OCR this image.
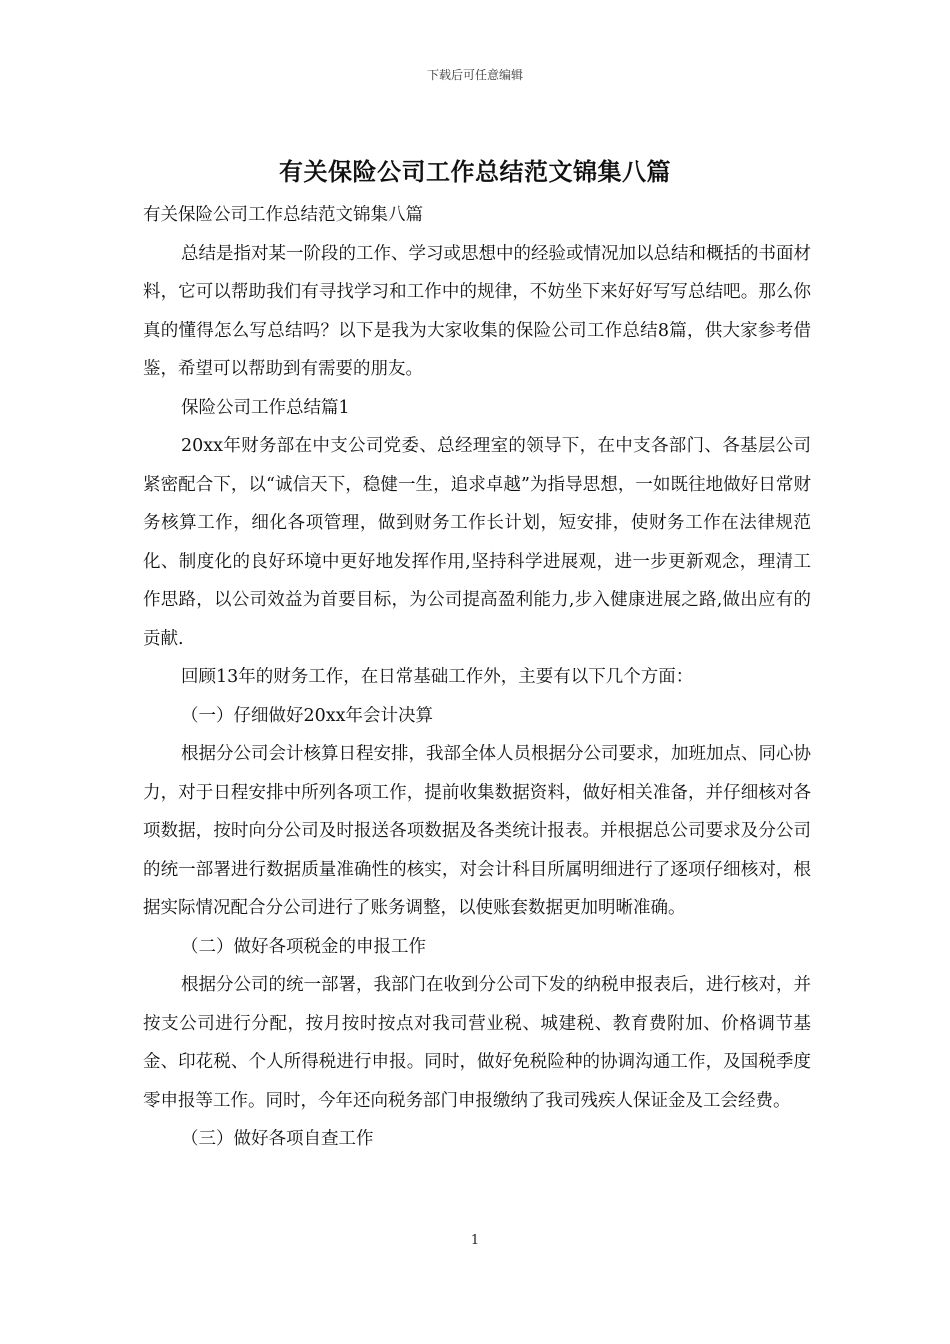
下载后可任意编辑
有关保险公司工作总结范文锦集八篇

有关保险公司工作总结范文锦集八篇

总结是指对某一阶段的工作、学习或思想中的经验或情况加以总结和概括的书面材料，它可以帮助我们有寻找学习和工作中的规律，不妨坐下来好好写写总结吧。那么你真的懂得怎么写总结吗？以下是我为大家收集的保险公司工作总结8篇，供大家参考借鉴，希望可以帮助到有需要的朋友。

保险公司工作总结篇1

20xx年财务部在中支公司党委、总经理室的领导下，在中支各部门、各基层公司紧密配合下，以“诚信天下，稳健一生，追求卓越”为指导思想，一如既往地做好日常财务核算工作，细化各项管理，做到财务工作长计划，短安排，使财务工作在法律规范化、制度化的良好环境中更好地发挥作用,坚持科学进展观，进一步更新观念，理清工作思路，以公司效益为首要目标，为公司提高盈利能力,步入健康进展之路,做出应有的贡献.

回顾13年的财务工作，在日常基础工作外，主要有以下几个方面：

（一）仔细做好20xx年会计决算

根据分公司会计核算日程安排，我部全体人员根据分公司要求，加班加点、同心协力，对于日程安排中所列各项工作，提前收集数据资料，做好相关准备，并仔细核对各项数据，按时向分公司及时报送各项数据及各类统计报表。并根据总公司要求及分公司的统一部署进行数据质量准确性的核实，对会计科目所属明细进行了逐项仔细核对，根据实际情况配合分公司进行了账务调整，以使账套数据更加明晰准确。

（二）做好各项税金的申报工作

根据分公司的统一部署，我部门在收到分公司下发的纳税申报表后，进行核对，并按支公司进行分配，按月按时按点对我司营业税、城建税、教育费附加、价格调节基金、印花税、个人所得税进行申报。同时，做好免税险种的协调沟通工作，及国税季度零申报等工作。同时，今年还向税务部门申报缴纳了我司残疾人保证金及工会经费。

（三）做好各项自查工作

1
